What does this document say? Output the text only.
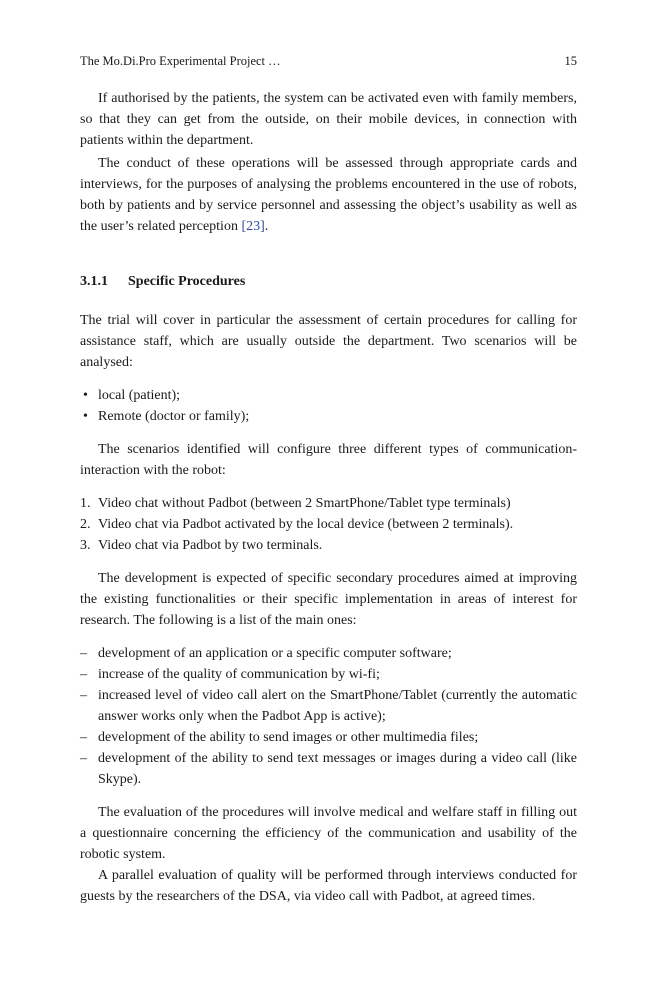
The Mo.Di.Pro Experimental Project …	15

If authorised by the patients, the system can be activated even with family members, so that they can get from the outside, on their mobile devices, in connection with patients within the department.

The conduct of these operations will be assessed through appropriate cards and interviews, for the purposes of analysing the problems encountered in the use of robots, both by patients and by service personnel and assessing the object’s usability as well as the user’s related perception [23].

3.1.1 Specific Procedures

The trial will cover in particular the assessment of certain procedures for calling for assistance staff, which are usually outside the department. Two scenarios will be analysed:

• local (patient);
• Remote (doctor or family);

The scenarios identified will configure three different types of communication-interaction with the robot:

1. Video chat without Padbot (between 2 SmartPhone/Tablet type terminals)
2. Video chat via Padbot activated by the local device (between 2 terminals).
3. Video chat via Padbot by two terminals.

The development is expected of specific secondary procedures aimed at improving the existing functionalities or their specific implementation in areas of interest for research. The following is a list of the main ones:

– development of an application or a specific computer software;
– increase of the quality of communication by wi-fi;
– increased level of video call alert on the SmartPhone/Tablet (currently the automatic answer works only when the Padbot App is active);
– development of the ability to send images or other multimedia files;
– development of the ability to send text messages or images during a video call (like Skype).

The evaluation of the procedures will involve medical and welfare staff in filling out a questionnaire concerning the efficiency of the communication and usability of the robotic system.

A parallel evaluation of quality will be performed through interviews conducted for guests by the researchers of the DSA, via video call with Padbot, at agreed times.
